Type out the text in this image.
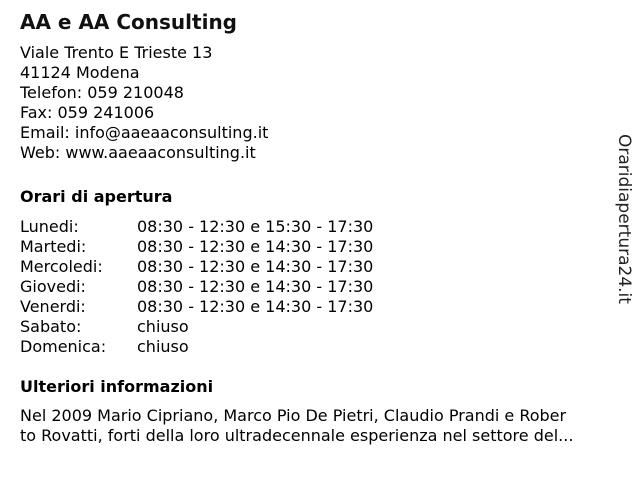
AA e AA Consulting
Viale Trento E Trieste 13
41124 Modena
Telefon: 059 210048
Fax: 059 241006
Email: info@aaeaaconsulting.it
Web: www.aaeaaconsulting.it
Orari di apertura
Lunedi:	08:30 - 12:30 e 15:30 - 17:30
Martedi:	08:30 - 12:30 e 14:30 - 17:30
Mercoledi: 08:30 - 12:30 e 14:30 - 17:30
Giovedi:	08:30 - 12:30 e 14:30 - 17:30
Venerdi:	08:30 - 12:30 e 14:30 - 17:30
Sabato:	chiuso
Domenica: chiuso
Ulteriori informazioni
Nel 2009 Mario Cipriano, Marco Pio De Pietri, Claudio Prandi e Rober
to Rovatti, forti della loro ultradecennale esperienza nel settore del...
Oraridiapertura24.it
